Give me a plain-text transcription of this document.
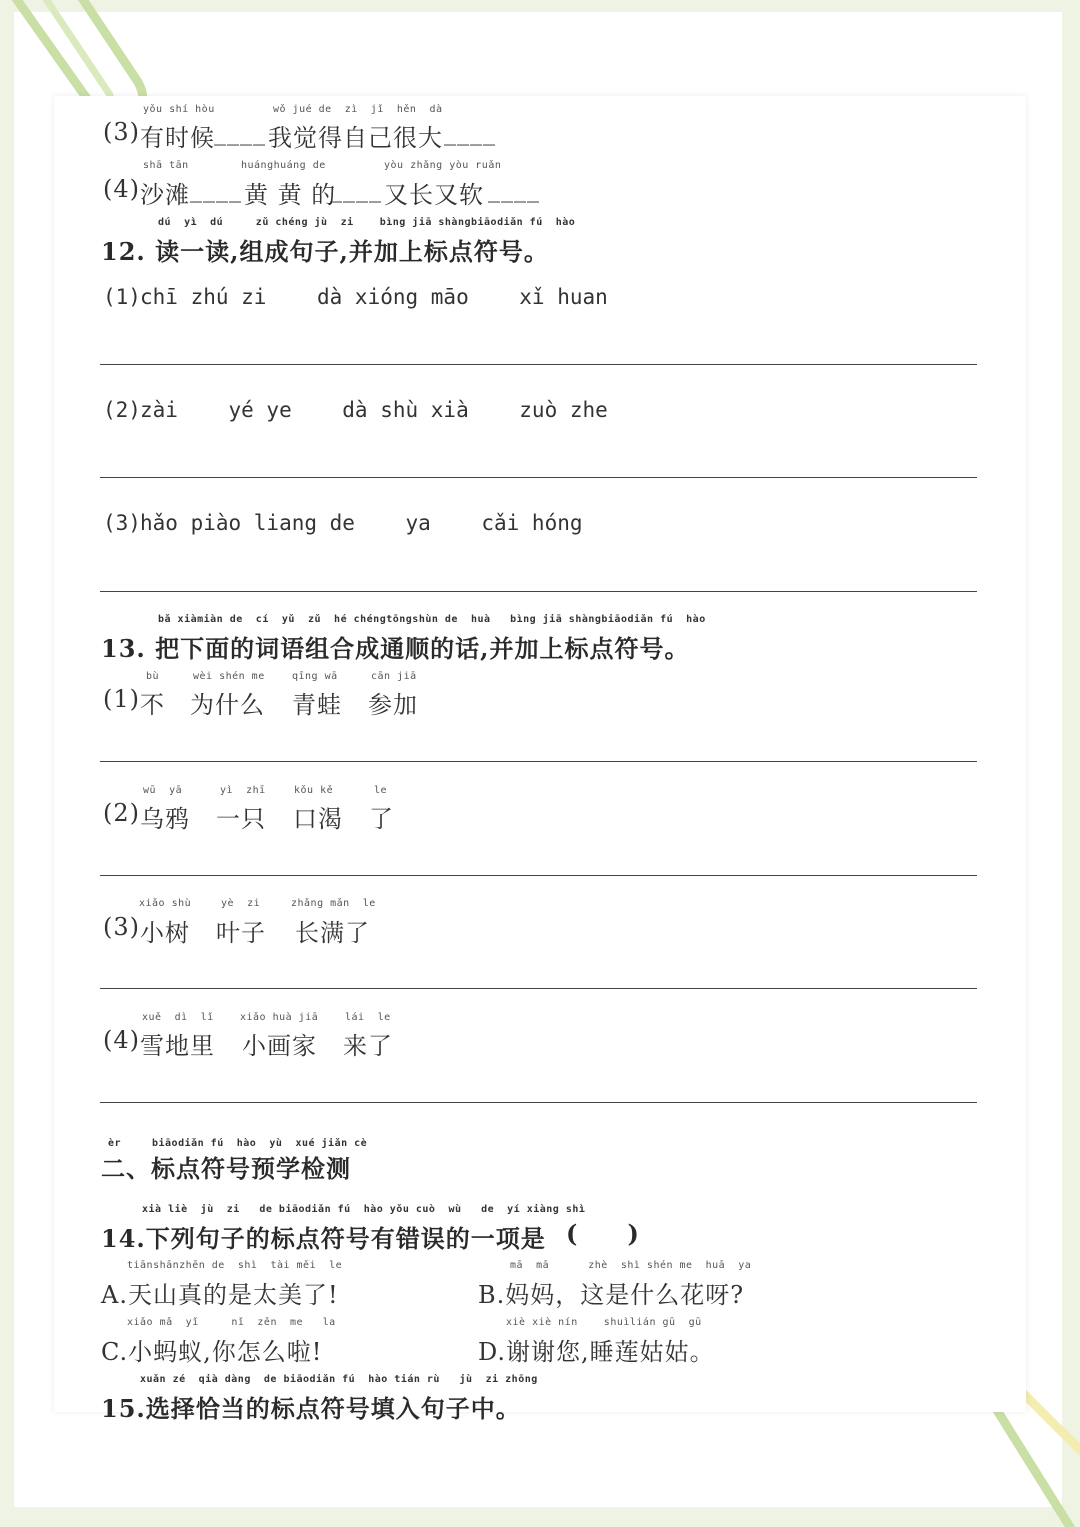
yǒu shí hòu	wǒ jué de  zì  jǐ  hěn  dà
(3) 有时候 ____ 我觉得自己很大 ____
shā tān	huánghuáng de	yòu zhǎng yòu ruǎn
(4) 沙滩 ____ 黄 黄 的
____ 又长又软 ____
dú  yì  dú     zǔ chéng jù  zi    bìng jiā shàngbiāodiǎn fú  hào
12. 读一读,组成句子,并加上标点符号。
(1) chī zhú zi    dà xióng māo    xǐ huan
(2) zài    yé ye    dà shù xià    zuò zhe
(3) hǎo piào liang de    ya    cǎi hóng
bǎ xiàmiàn de  cí  yǔ  zǔ  hé chéngtōngshùn de  huà   bìng jiā shàngbiāodiǎn fú  hào
13. 把下面的词语组合成通顺的话,并加上标点符号。
bù	wèi shén me	qīng wā	cān jiā
(1) 不 为什么 青蛙 参加
wū  yā	yì  zhī	kǒu kě	le
(2) 乌鸦 一只 口渴 了
xiǎo shù	yè  zi	zhǎng mǎn  le
(3) 小树 叶子 长满了
xuě  dì  lǐ	xiǎo huà jiā	lái  le
(4) 雪地里 小画家 来了
èr	biāodiǎn fú  hào  yù  xué jiǎn cè
二、标点符号预学检测
xià liè  jù  zi   de biāodiǎn fú  hào yǒu cuò  wù   de  yí xiàng shì
14.下列句子的标点符号有错误的一项是 (      )
tiānshānzhēn de  shì  tài měi  le
A.天山真的是太美了!
mā  mā      zhè  shì shén me  huā  ya
B.妈妈，这是什么花呀?
xiǎo mǎ  yǐ     nǐ  zěn  me   la
C.小蚂蚁,你怎么啦!
xiè xiè nín    shuìlián gū  gū
D.谢谢您,睡莲姑姑。
xuǎn zé  qià dàng  de biāodiǎn fú  hào tián rù   jù  zi zhōng
15.选择恰当的标点符号填入句子中。
